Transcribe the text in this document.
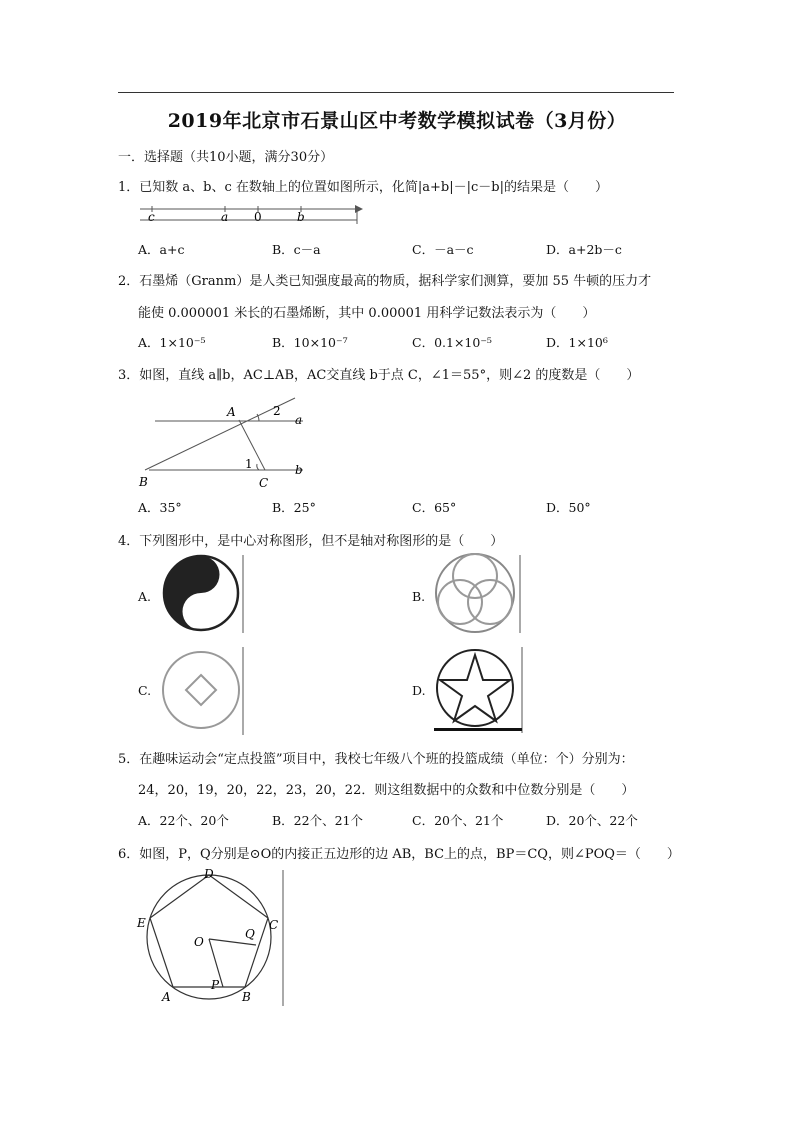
2019年北京市石景山区中考数学模拟试卷（3月份）
一．选择题（共10小题，满分30分）
1．已知数 a、b、c 在数轴上的位置如图所示，化简|a+b|－|c－b|的结果是（　　）
c	a 0	b
A．a+c	B．c－a	C．－a－c	D．a+2b－c
2．石墨烯（Granm）是人类已知强度最高的物质，据科学家们测算，要加 55 牛顿的压力才
能使 0.000001 米长的石墨烯断，其中 0.00001 用科学记数法表示为（　　）
A．1×10⁻⁵	B．10×10⁻⁷	C．0.1×10⁻⁵	D．1×10⁶
3．如图，直线 a∥b，AC⊥AB，AC交直线 b于点 C，∠1＝55°，则∠2 的度数是（　　）
A	2
a
1	b
B	C
A．35°	B．25°	C．65°	D．50°
4．下列图形中，是中心对称图形，但不是轴对称图形的是（　　）
A.	B.
C.	D.
5．在趣味运动会“定点投篮”项目中，我校七年级八个班的投篮成绩（单位：个）分别为：
24，20，19，20，22，23，20，22．则这组数据中的众数和中位数分别是（　　）
A．22个、20个	B．22个、21个	C．20个、21个	D．20个、22个
6．如图，P，Q分别是⊙O的内接正五边形的边 AB，BC上的点，BP＝CQ，则∠POQ＝（　　）
D
E	C
O
Q
A
P
B
